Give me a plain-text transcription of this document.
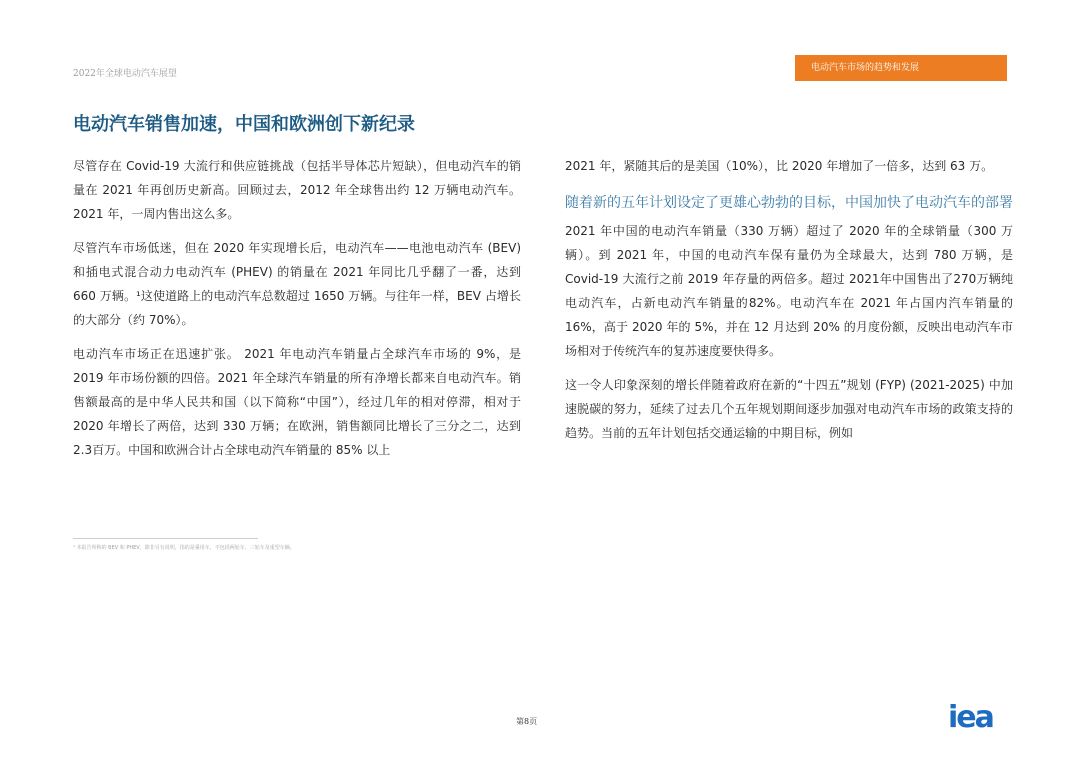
2022年全球电动汽车展望
电动汽车市场的趋势和发展
电动汽车销售加速，中国和欧洲创下新纪录

尽管存在 Covid-19 大流行和供应链挑战（包括半导体芯片短缺），但电动汽车的销量在 2021 年再创历史新高。回顾过去，2012 年全球售出约 12 万辆电动汽车。2021 年，一周内售出这么多。

尽管汽车市场低迷，但在 2020 年实现增长后，电动汽车——电池电动汽车 (BEV) 和插电式混合动力电动汽车 (PHEV) 的销量在 2021 年同比几乎翻了一番，达到 660 万辆。¹这使道路上的电动汽车总数超过 1650 万辆。与往年一样，BEV 占增长的大部分（约 70%）。

电动汽车市场正在迅速扩张。 2021 年电动汽车销量占全球汽车市场的 9%，是 2019 年市场份额的四倍。2021 年全球汽车销量的所有净增长都来自电动汽车。销售额最高的是中华人民共和国（以下简称“中国”），经过几年的相对停滞，相对于 2020 年增长了两倍，达到 330 万辆；在欧洲，销售额同比增长了三分之二，达到 2.3百万。中国和欧洲合计占全球电动汽车销量的 85% 以上

2021 年，紧随其后的是美国（10%），比 2020 年增加了一倍多，达到 63 万。

随着新的五年计划设定了更雄心勃勃的目标，中国加快了电动汽车的部署

2021 年中国的电动汽车销量（330 万辆）超过了 2020 年的全球销量（300 万辆）。到 2021 年，中国的电动汽车保有量仍为全球最大，达到 780 万辆，是 Covid-19 大流行之前 2019 年存量的两倍多。超过 2021年中国售出了270万辆纯电动汽车，占新电动汽车销量的82%。电动汽车在 2021 年占国内汽车销量的 16%，高于 2020 年的 5%，并在 12 月达到 20% 的月度份额，反映出电动汽车市场相对于传统汽车的复苏速度要快得多。

这一令人印象深刻的增长伴随着政府在新的“十四五”规划 (FYP) (2021-2025) 中加速脱碳的努力，延续了过去几个五年规划期间逐步加强对电动汽车市场的政策支持的趋势。当前的五年计划包括交通运输的中期目标，例如

¹ 本报告所称的 BEV 和 PHEV，除非另有说明，指的是乘用车，不包括两轮车、三轮车及重型车辆。
第8页	iea
